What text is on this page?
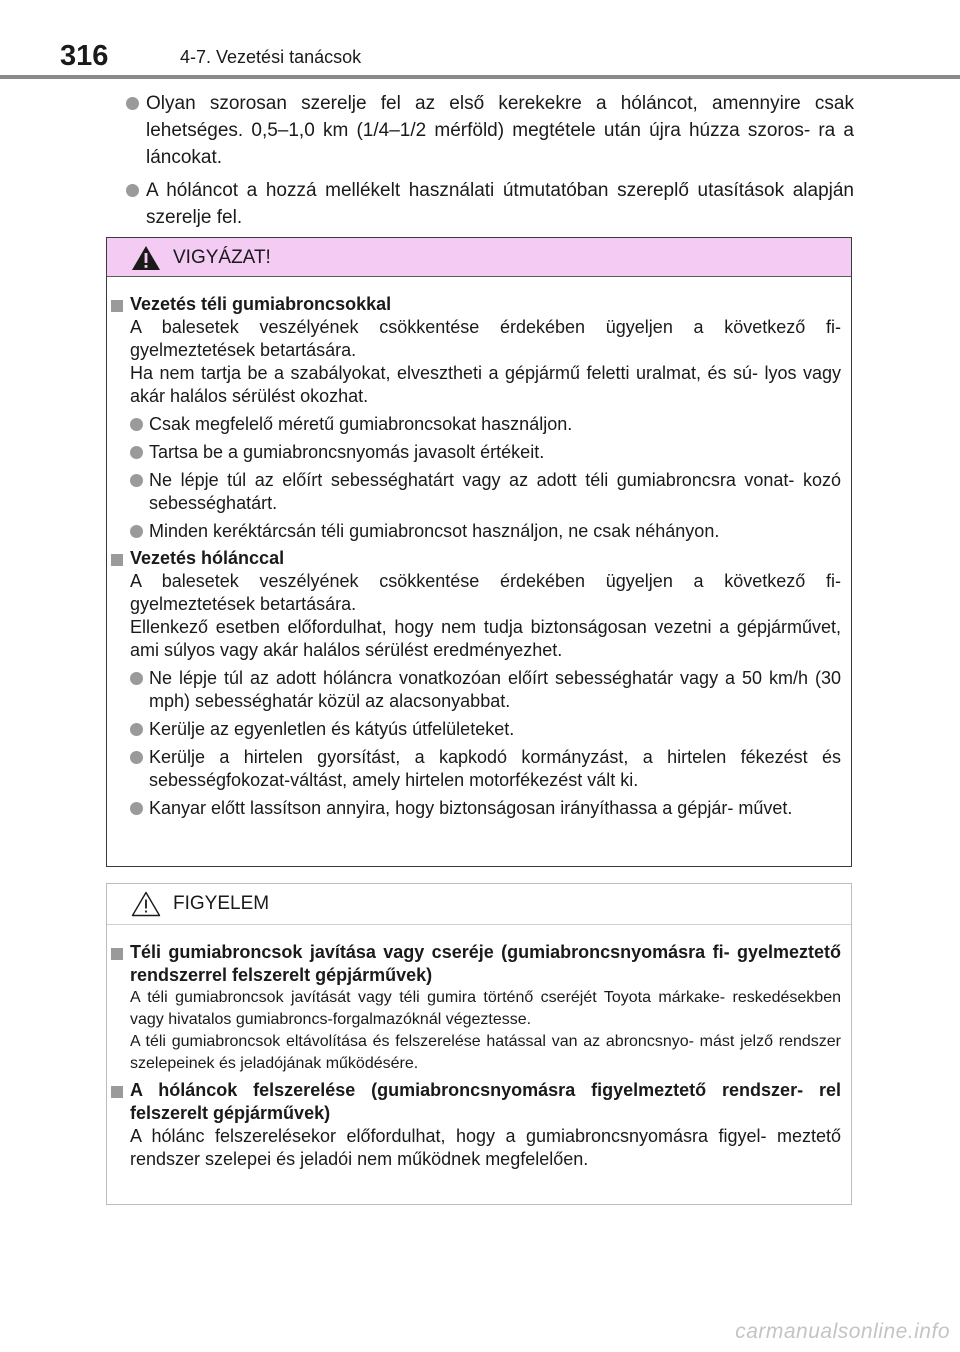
316	4-7. Vezetési tanácsok
Olyan szorosan szerelje fel az első kerekekre a hóláncot, amennyire csak lehetséges. 0,5–1,0 km (1/4–1/2 mérföld) megtétele után újra húzza szoros- ra a láncokat.
A hóláncot a hozzá mellékelt használati útmutatóban szereplő utasítások alapján szerelje fel.
VIGYÁZAT!
Vezetés téli gumiabroncsokkal
A balesetek veszélyének csökkentése érdekében ügyeljen a következő fi- gyelmeztetések betartására.
Ha nem tartja be a szabályokat, elvesztheti a gépjármű feletti uralmat, és sú- lyos vagy akár halálos sérülést okozhat.
Csak megfelelő méretű gumiabroncsokat használjon.
Tartsa be a gumiabroncsnyomás javasolt értékeit.
Ne lépje túl az előírt sebességhatárt vagy az adott téli gumiabroncsra vonat- kozó sebességhatárt.
Minden keréktárcsán téli gumiabroncsot használjon, ne csak néhányon.
Vezetés hólánccal
A balesetek veszélyének csökkentése érdekében ügyeljen a következő fi- gyelmeztetések betartására.
Ellenkező esetben előfordulhat, hogy nem tudja biztonságosan vezetni a gépjárművet, ami súlyos vagy akár halálos sérülést eredményezhet.
Ne lépje túl az adott hóláncra vonatkozóan előírt sebességhatár vagy a 50 km/h (30 mph) sebességhatár közül az alacsonyabbat.
Kerülje az egyenletlen és kátyús útfelületeket.
Kerülje a hirtelen gyorsítást, a kapkodó kormányzást, a hirtelen fékezést és sebességfokozat-váltást, amely hirtelen motorfékezést vált ki.
Kanyar előtt lassítson annyira, hogy biztonságosan irányíthassa a gépjár- művet.
FIGYELEM
Téli gumiabroncsok javítása vagy cseréje (gumiabroncsnyomásra fi- gyelmeztető rendszerrel felszerelt gépjárművek)
A téli gumiabroncsok javítását vagy téli gumira történő cseréjét Toyota márkake- reskedésekben vagy hivatalos gumiabroncs-forgalmazóknál végeztesse.
A téli gumiabroncsok eltávolítása és felszerelése hatással van az abroncsnyo- mást jelző rendszer szelepeinek és jeladójának működésére.
A hóláncok felszerelése (gumiabroncsnyomásra figyelmeztető rendszer- rel felszerelt gépjárművek)
A hólánc felszerelésekor előfordulhat, hogy a gumiabroncsnyomásra figyel- meztető rendszer szelepei és jeladói nem működnek megfelelően.
carmanualsonline.info
